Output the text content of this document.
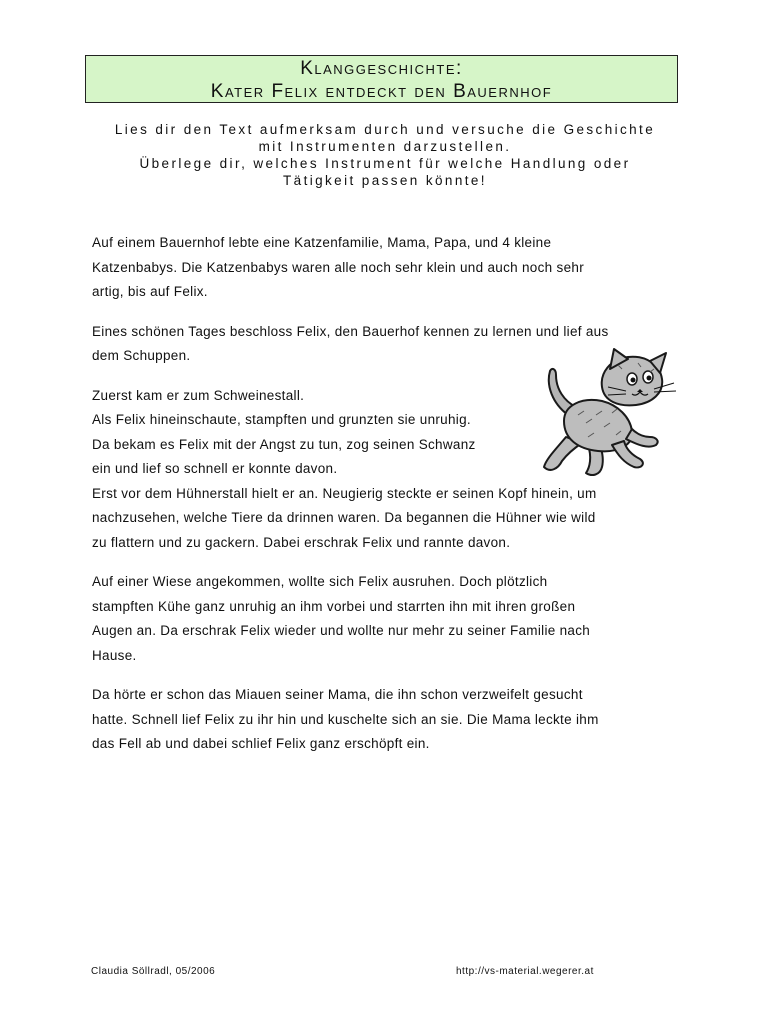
Klanggeschichte:
Kater Felix entdeckt den Bauernhof
Lies dir den Text aufmerksam durch und versuche die Geschichte
mit Instrumenten darzustellen.
Überlege dir, welches Instrument für welche Handlung oder
Tätigkeit passen könnte!

Auf einem Bauernhof lebte eine Katzenfamilie, Mama, Papa, und 4 kleine
Katzenbabys. Die Katzenbabys waren alle noch sehr klein und auch noch sehr
artig, bis auf Felix.

Eines schönen Tages beschloss Felix, den Bauerhof kennen zu lernen und lief aus
dem Schuppen.

Zuerst kam er zum Schweinestall.
Als Felix hineinschaute, stampften und grunzten sie unruhig.
Da bekam es Felix mit der Angst zu tun, zog seinen Schwanz
ein und lief so schnell er konnte davon.
Erst vor dem Hühnerstall hielt er an. Neugierig steckte er seinen Kopf hinein, um
nachzusehen, welche Tiere da drinnen waren. Da begannen die Hühner wie wild
zu flattern und zu gackern. Dabei erschrak Felix und rannte davon.

Auf einer Wiese angekommen, wollte sich Felix ausruhen. Doch plötzlich
stampften Kühe ganz unruhig an ihm vorbei und starrten ihn mit ihren großen
Augen an. Da erschrak Felix wieder und wollte nur mehr zu seiner Familie nach
Hause.

Da hörte er schon das Miauen seiner Mama, die ihn schon verzweifelt gesucht
hatte. Schnell lief Felix zu ihr hin und kuschelte sich an sie. Die Mama leckte ihm
das Fell ab und dabei schlief Felix ganz erschöpft ein.

Claudia Söllradl, 05/2006	http://vs-material.wegerer.at
